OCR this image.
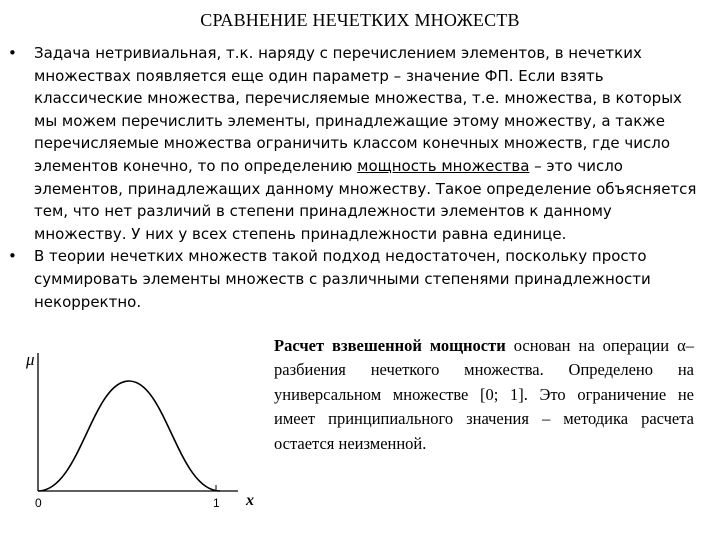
СРАВНЕНИЕ НЕЧЕТКИХ МНОЖЕСТВ
• Задача нетривиальная, т.к. наряду с перечислением элементов, в нечетких множествах появляется еще один параметр – значение ФП. Если взять классические множества, перечисляемые множества, т.е. множества, в которых мы можем перечислить элементы, принадлежащие этому множеству, а также перечисляемые множества ограничить классом конечных множеств, где число элементов конечно, то по определению мощность множества – это число элементов, принадлежащих данному множеству. Такое определение объясняется тем, что нет различий в степени принадлежности элементов к данному множеству. У них у всех степень принадлежности равна единице.
• В теории нечетких множеств такой подход недостаточен, поскольку просто суммировать элементы множеств с различными степенями принадлежности некорректно.
Расчет взвешенной мощности основан на операции α–разбиения нечеткого множества. Определено на универсальном множестве [0; 1]. Это ограничение не имеет принципиального значения – методика расчета остается неизменной.
μ
x
0	1
